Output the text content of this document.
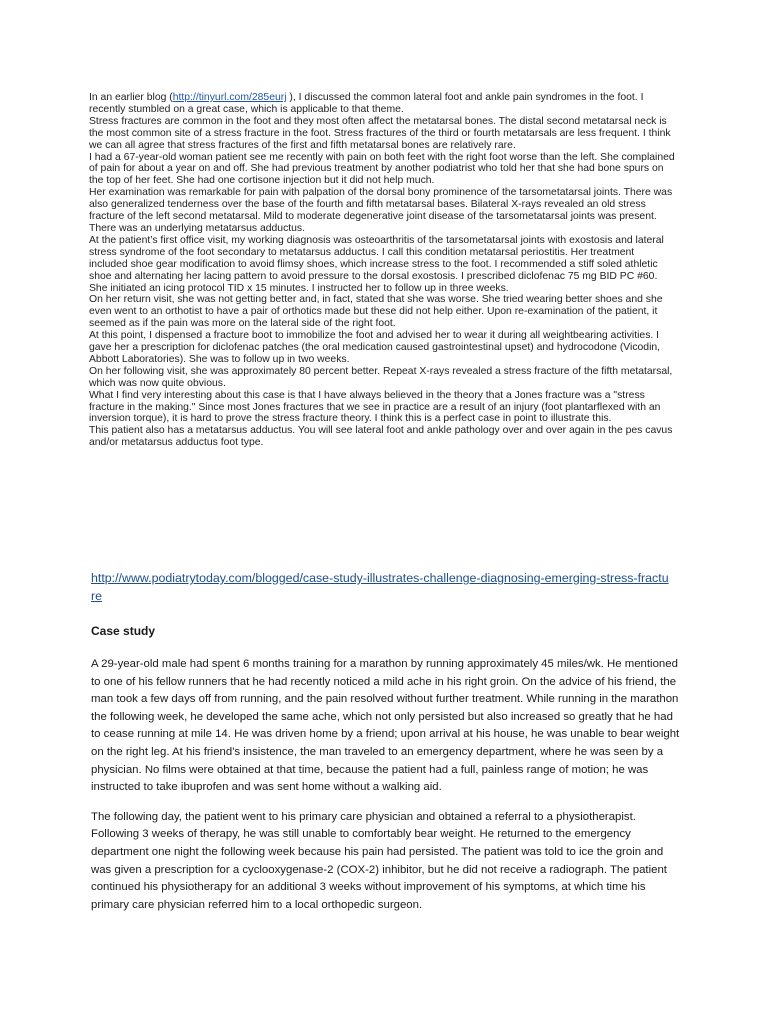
In an earlier blog (http://tinyurl.com/285eurj ), I discussed the common lateral foot and ankle pain syndromes in the foot. I recently stumbled on a great case, which is applicable to that theme.

Stress fractures are common in the foot and they most often affect the metatarsal bones. The distal second metatarsal neck is the most common site of a stress fracture in the foot. Stress fractures of the third or fourth metatarsals are less frequent. I think we can all agree that stress fractures of the first and fifth metatarsal bones are relatively rare.

I had a 67-year-old woman patient see me recently with pain on both feet with the right foot worse than the left. She complained of pain for about a year on and off. She had previous treatment by another podiatrist who told her that she had bone spurs on the top of her feet. She had one cortisone injection but it did not help much.

Her examination was remarkable for pain with palpation of the dorsal bony prominence of the tarsometatarsal joints. There was also generalized tenderness over the base of the fourth and fifth metatarsal bases. Bilateral X-rays revealed an old stress fracture of the left second metatarsal. Mild to moderate degenerative joint disease of the tarsometatarsal joints was present. There was an underlying metatarsus adductus.

At the patient’s first office visit, my working diagnosis was osteoarthritis of the tarsometatarsal joints with exostosis and lateral stress syndrome of the foot secondary to metatarsus adductus. I call this condition metatarsal periostitis. Her treatment included shoe gear modification to avoid flimsy shoes, which increase stress to the foot. I recommended a stiff soled athletic shoe and alternating her lacing pattern to avoid pressure to the dorsal exostosis. I prescribed diclofenac 75 mg BID PC #60. She initiated an icing protocol TID x 15 minutes. I instructed her to follow up in three weeks.

On her return visit, she was not getting better and, in fact, stated that she was worse. She tried wearing better shoes and she even went to an orthotist to have a pair of orthotics made but these did not help either. Upon re-examination of the patient, it seemed as if the pain was more on the lateral side of the right foot.

At this point, I dispensed a fracture boot to immobilize the foot and advised her to wear it during all weightbearing activities. I gave her a prescription for diclofenac patches (the oral medication caused gastrointestinal upset) and hydrocodone (Vicodin, Abbott Laboratories). She was to follow up in two weeks.

On her following visit, she was approximately 80 percent better. Repeat X-rays revealed a stress fracture of the fifth metatarsal, which was now quite obvious.

What I find very interesting about this case is that I have always believed in the theory that a Jones fracture was a "stress fracture in the making." Since most Jones fractures that we see in practice are a result of an injury (foot plantarflexed with an inversion torque), it is hard to prove the stress fracture theory. I think this is a perfect case in point to illustrate this.

This patient also has a metatarsus adductus. You will see lateral foot and ankle pathology over and over again in the pes cavus and/or metatarsus adductus foot type.

http://www.podiatrytoday.com/blogged/case-study-illustrates-challenge-diagnosing-emerging-stress-fracture
Case study

A 29-year-old male had spent 6 months training for a marathon by running approximately 45 miles/wk. He mentioned to one of his fellow runners that he had recently noticed a mild ache in his right groin. On the advice of his friend, the man took a few days off from running, and the pain resolved without further treatment. While running in the marathon the following week, he developed the same ache, which not only persisted but also increased so greatly that he had to cease running at mile 14. He was driven home by a friend; upon arrival at his house, he was unable to bear weight on the right leg. At his friend's insistence, the man traveled to an emergency department, where he was seen by a physician. No films were obtained at that time, because the patient had a full, painless range of motion; he was instructed to take ibuprofen and was sent home without a walking aid.

The following day, the patient went to his primary care physician and obtained a referral to a physiotherapist. Following 3 weeks of therapy, he was still unable to comfortably bear weight. He returned to the emergency department one night the following week because his pain had persisted. The patient was told to ice the groin and was given a prescription for a cyclooxygenase-2 (COX-2) inhibitor, but he did not receive a radiograph. The patient continued his physiotherapy for an additional 3 weeks without improvement of his symptoms, at which time his primary care physician referred him to a local orthopedic surgeon.
